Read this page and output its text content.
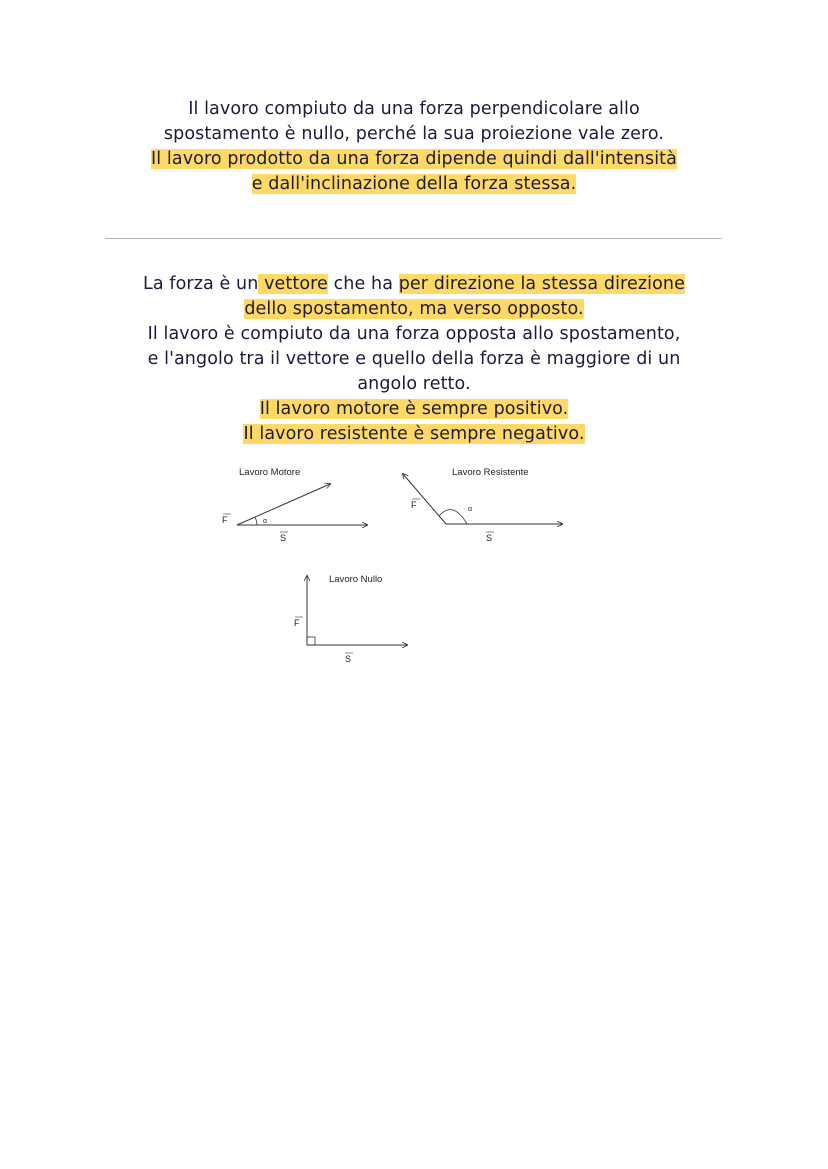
Il lavoro compiuto da una forza perpendicolare allo
spostamento è nullo, perché la sua proiezione vale zero.
Il lavoro prodotto da una forza dipende quindi dall'intensità
e dall'inclinazione della forza stessa.
La forza è un vettore che ha per direzione la stessa direzione
dello spostamento, ma verso opposto.
Il lavoro è compiuto da una forza opposta allo spostamento,
e l'angolo tra il vettore e quello della forza è maggiore di un
angolo retto.
Il lavoro motore è sempre positivo.
Il lavoro resistente è sempre negativo.
Lavoro Motore
α
F
S
Lavoro Resistente
α
F
S
Lavoro Nullo
F
S
